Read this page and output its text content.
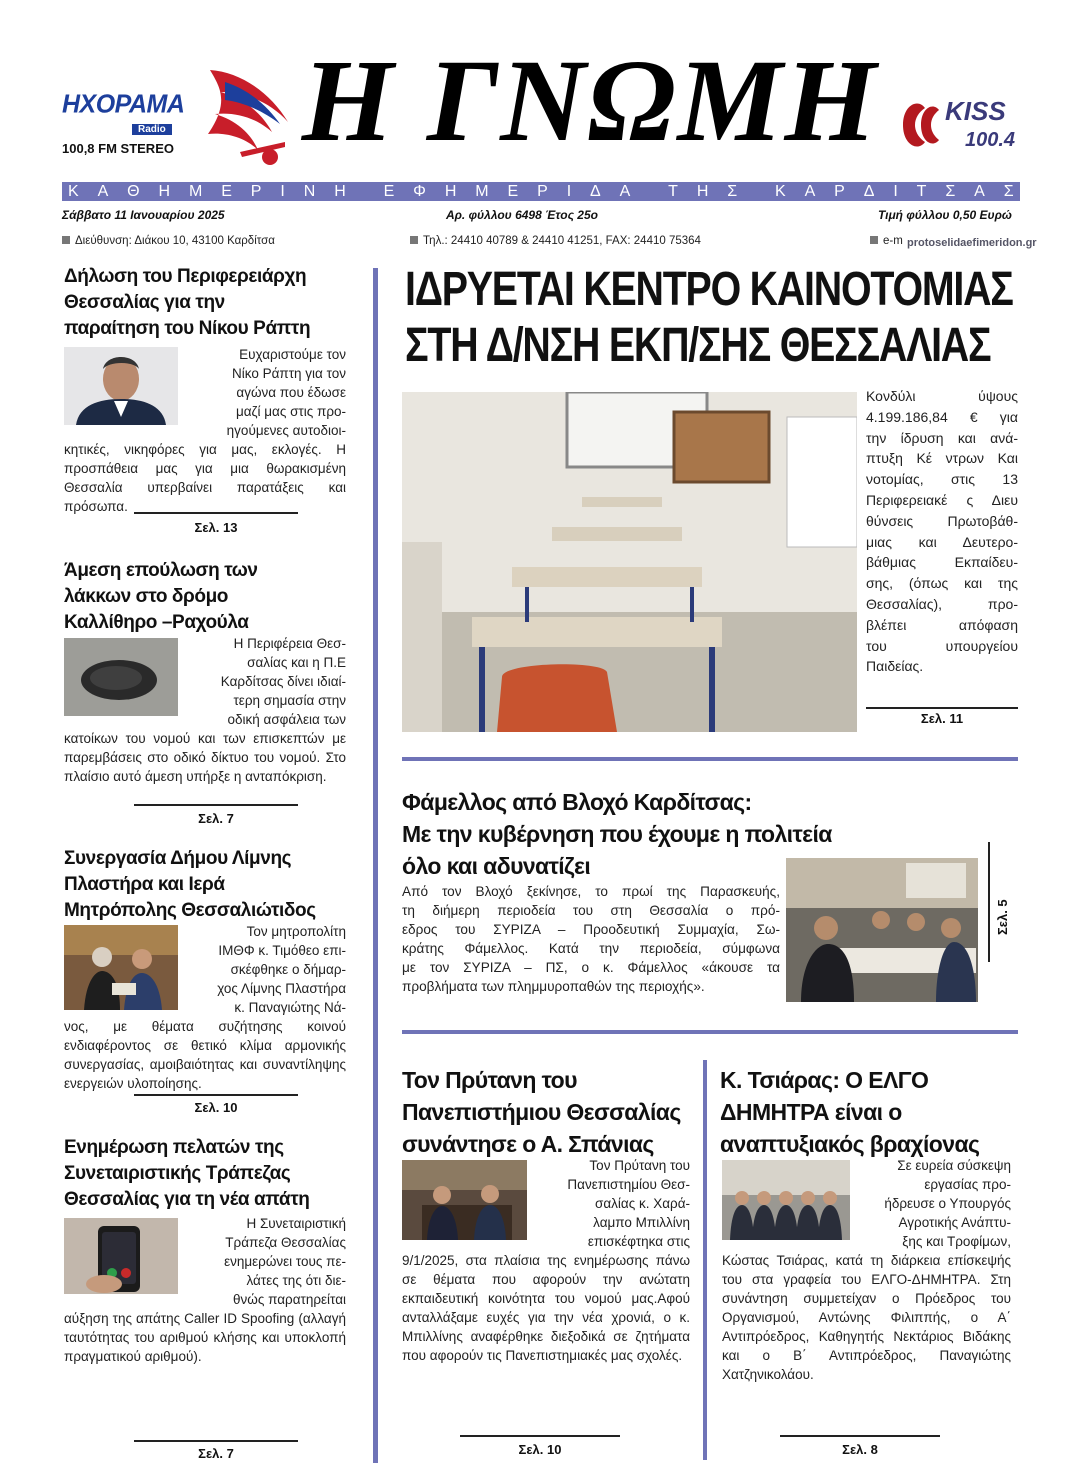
ΗΧΟΡΑΜΑ
Radio
100,8 FM STEREO Η ΓΝΩΜΗ	KISS
100.4
Κ Α Θ Η Μ Ε Ρ Ι Ν Η Ε Φ Η Μ Ε Ρ Ι Δ Α Τ Η Σ Κ Α Ρ Δ Ι Τ Σ Α Σ
Σάββατο 11 Ιανουαρίου 2025	Αρ. φύλλου 6498 Έτος 25ο	Τιμή φύλλου 0,50 Ευρώ
Διεύθυνση: Διάκου 10, 43100 Καρδίτσα	Τηλ.: 24410 40789 & 24410 41251, FAX: 24410 75364	e-m protoselidaefimeridon.gr
Δήλωση του Περιφερειάρχη
Θεσσαλίας για την
παραίτηση του Νίκου Ράπτη
Ευχαριστούμε τον
Νίκο Ράπτη για τον
αγώνα που έδωσε
μαζί μας στις προ-
ηγούμενες αυτοδιοι-
κητικές, νικηφόρες για μας, εκλογές. Η προσπάθεια μας για μια θωρακισμένη Θεσσαλία υπερβαίνει παρατάξεις και πρόσωπα.
Σελ. 13
Άμεση επούλωση των
λάκκων στο δρόμο
Καλλίθηρο –Ραχούλα
Η Περιφέρεια Θεσ-
σαλίας και η Π.Ε
Καρδίτσας δίνει ιδιαί-
τερη σημασία στην
οδική ασφάλεια των
κατοίκων του νομού και των επισκεπτών με παρεμβάσεις στο οδικό δίκτυο του νομού. Στο πλαίσιο αυτό άμεση υπήρξε η ανταπόκριση.
Σελ. 7
Συνεργασία Δήμου Λίμνης
Πλαστήρα και Ιερά
Μητρόπολης Θεσσαλιώτιδος
Τον μητροπολίτη
ΙΜΘΦ κ. Τιμόθεο επι-
σκέφθηκε ο δήμαρ-
χος Λίμνης Πλαστήρα
κ. Παναγιώτης Νά-
νος, με θέματα συζήτησης κοινού ενδιαφέροντος σε θετικό κλίμα αρμονικής συνεργασίας, αμοιβαιότητας και συναντίληψης ενεργειών υλοποίησης.
Σελ. 10
Ενημέρωση πελατών της
Συνεταιριστικής Τράπεζας
Θεσσαλίας για τη νέα απάτη
Η Συνεταιριστική
Τράπεζα Θεσσαλίας
ενημερώνει τους πε-
λάτες της ότι διε-
θνώς παρατηρείται
αύξηση της απάτης Caller ID Spoofing (αλλαγή ταυτότητας του αριθμού κλήσης και υποκλοπή πραγματικού αριθμού).
Σελ. 7
ΙΔΡΥΕΤΑΙ ΚΕΝΤΡΟ ΚΑΙΝΟΤΟΜΙΑΣ
ΣΤΗ Δ/ΝΣΗ ΕΚΠ/ΣΗΣ ΘΕΣΣΑΛΙΑΣ
Κονδύλι ύψους
4.199.186,84 € για
την ίδρυση και ανά-
πτυξη Κέ ντρων Και
νοτομίας, στις 13
Περιφερειακέ ς Διευ
θύνσεις Πρωτοβάθ-
μιας και Δευτερο-
βάθμιας Εκπαίδευ-
σης, (όπως και της
Θεσσαλίας), προ-
βλέπει απόφαση
του υπουργείου
Παιδείας.
Σελ. 11
Φάμελλος από Βλοχό Καρδίτσας:
Με την κυβέρνηση που έχουμε η πολιτεία
όλο και αδυνατίζει
Από τον Βλοχό ξεκίνησε, το πρωί της Παρασκευής,
τη διήμερη περιοδεία του στη Θεσσαλία ο πρό-
εδρος του ΣΥΡΙΖΑ – Προοδευτική Συμμαχία, Σω-
κράτης Φάμελλος. Κατά την περιοδεία, σύμφωνα
με τον ΣΥΡΙΖΑ – ΠΣ, ο κ. Φάμελλος «άκουσε τα
προβλήματα των πλημμυροπαθών της περιοχής».
Σελ. 5
Τον Πρύτανη του
Πανεπιστήμιου Θεσσαλίας
συνάντησε ο Α. Σπάνιας
Τον Πρύτανη του
Πανεπιστημίου Θεσ-
σαλίας κ. Χαρά-
λαμπο Μπιλλίνη
επισκέφτηκα στις
9/1/2025, στα πλαίσια της ενημέρωσης πάνω σε θέματα που αφορούν την ανώτατη εκπαιδευτική κοινότητα του νομού μας.Αφού ανταλλάξαμε ευχές για την νέα χρονιά, ο κ. Μπιλλίνης αναφέρθηκε διεξοδικά σε ζητήματα που αφορούν τις Πανεπιστημιακές μας σχολές.
Σελ. 10
Κ. Τσιάρας: Ο ΕΛΓΟ
ΔΗΜΗΤΡΑ είναι ο
αναπτυξιακός βραχίονας
Σε ευρεία σύσκεψη
εργασίας προ-
ήδρευσε ο Υπουργός
Αγροτικής Ανάπτυ-
ξης και Τροφίμων,
Κώστας Τσιάρας, κατά τη διάρκεια επίσκεψής του στα γραφεία του ΕΛΓΟ-ΔΗΜΗΤΡΑ. Στη συνάντηση συμμετείχαν ο Πρόεδρος του Οργανισμού, Αντώνης Φιλιππής, ο Α΄ Αντιπρόεδρος, Καθηγητής Νεκτάριος Βιδάκης και ο Β΄ Αντιπρόεδρος, Παναγιώτης Χατζηνικολάου.
Σελ. 8
